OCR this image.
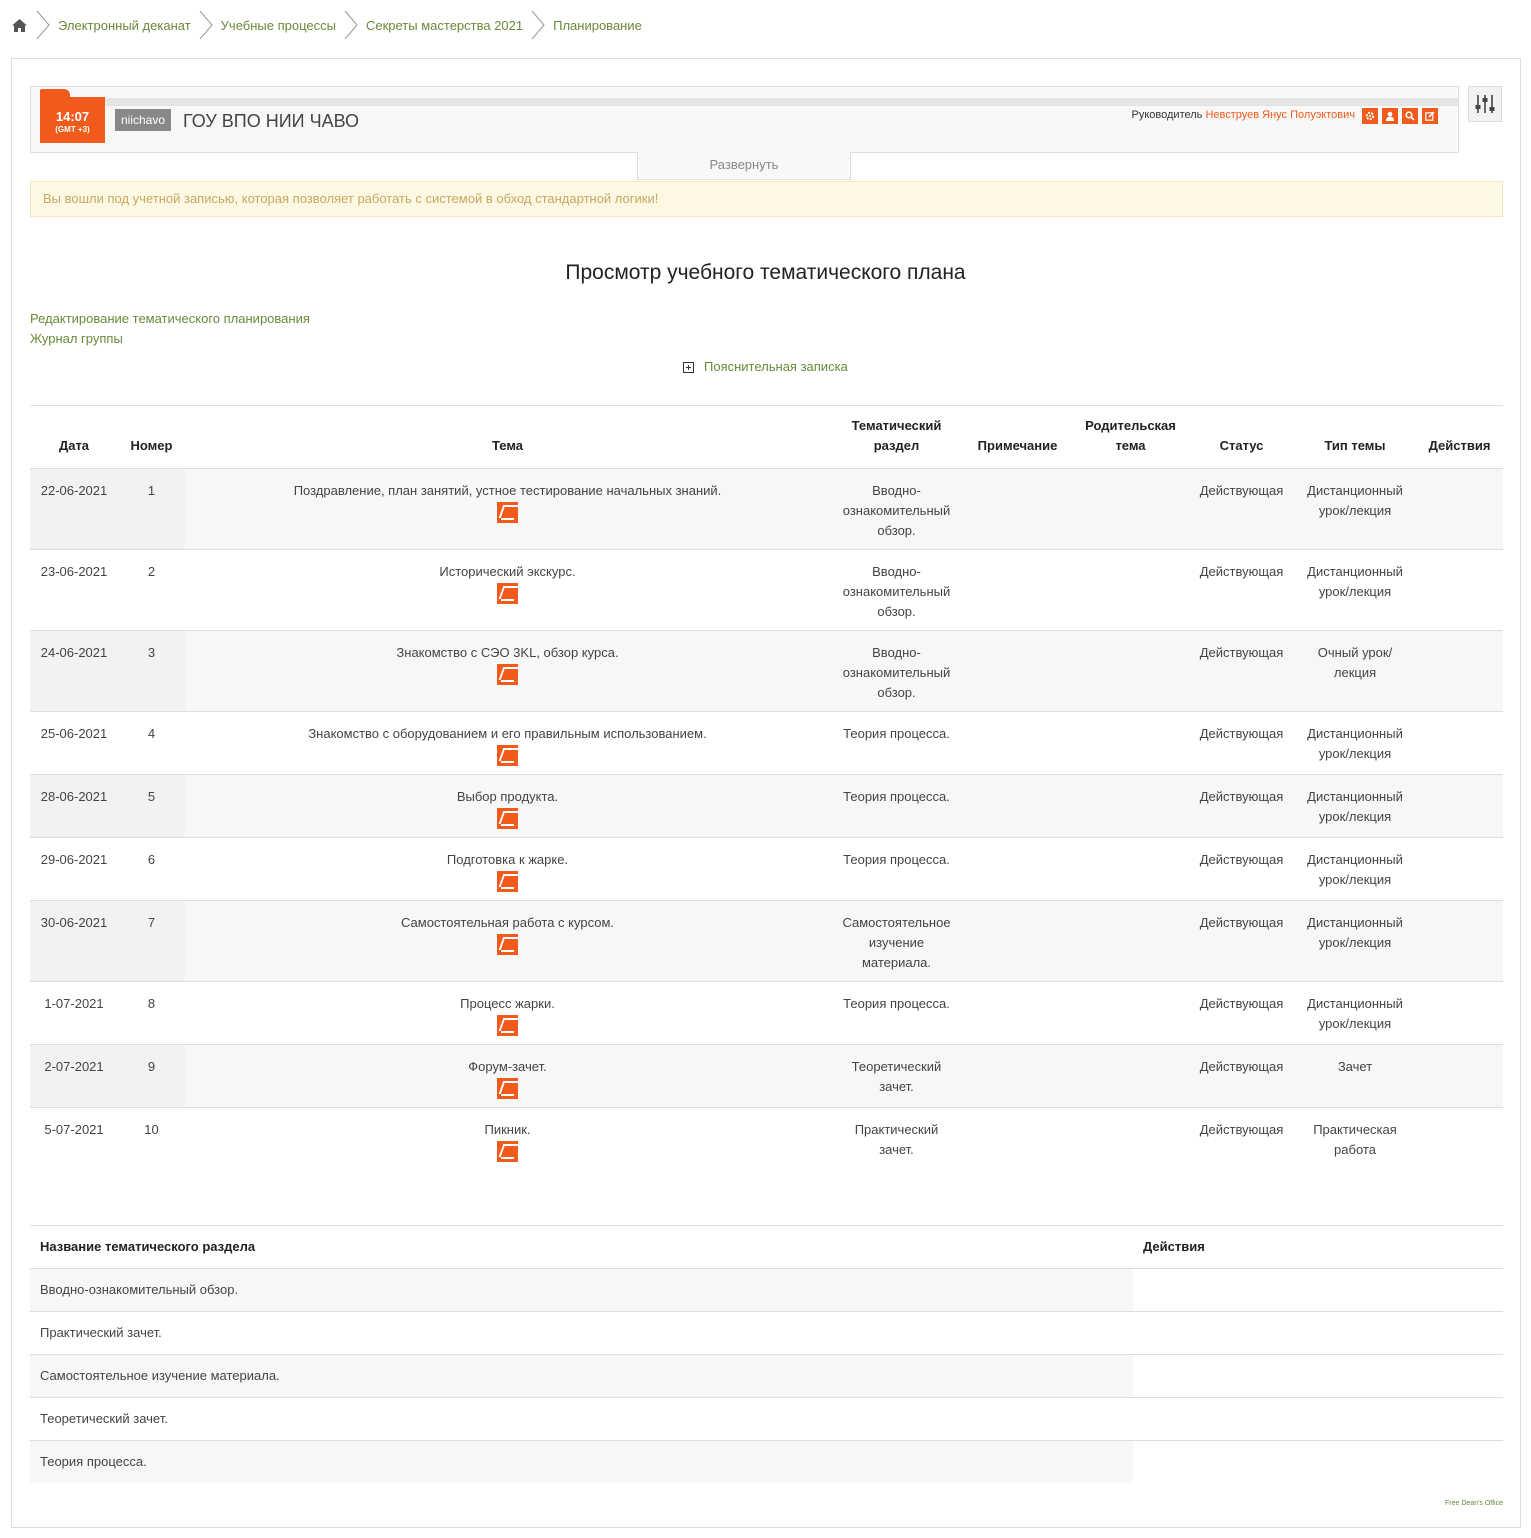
Электронный деканат Учебные процессы Секреты мастерства 2021 Планирование
14:07
(GMT +3)
niichavo ГОУ ВПО НИИ ЧАВО	Руководитель Невструев Янус Полуэктович
Развернуть
Вы вошли под учетной записью, которая позволяет работать с системой в обход стандартной логики!
Просмотр учебного тематического плана
Редактирование тематического планирования
Журнал группы
Пояснительная записка
Дата	Номер	Тема	Тематический раздел	Примечание	Родительская тема	Статус	Тип темы	Действия
22-06-2021	1	Поздравление, план занятий, устное тестирование начальных знаний.	Вводно-ознакомительный обзор.			Действующая	Дистанционный урок/лекция	
23-06-2021	2	Исторический экскурс.	Вводно-ознакомительный обзор.			Действующая	Дистанционный урок/лекция	
24-06-2021	3	Знакомство с СЭО 3KL, обзор курса.	Вводно-ознакомительный обзор.			Действующая	Очный урок/лекция	
25-06-2021	4	Знакомство с оборудованием и его правильным использованием.	Теория процесса.			Действующая	Дистанционный урок/лекция	
28-06-2021	5	Выбор продукта.	Теория процесса.			Действующая	Дистанционный урок/лекция	
29-06-2021	6	Подготовка к жарке.	Теория процесса.			Действующая	Дистанционный урок/лекция	
30-06-2021	7	Самостоятельная работа с курсом.	Самостоятельное изучение материала.			Действующая	Дистанционный урок/лекция	
1-07-2021	8	Процесс жарки.	Теория процесса.			Действующая	Дистанционный урок/лекция	
2-07-2021	9	Форум-зачет.	Теоретический зачет.			Действующая	Зачет	
5-07-2021	10	Пикник.	Практический зачет.			Действующая	Практическая работа	
Название тематического раздела	Действия
Вводно-ознакомительный обзор.	
Практический зачет.	
Самостоятельное изучение материала.	
Теоретический зачет.	
Теория процесса.	
Free Dean's Office
